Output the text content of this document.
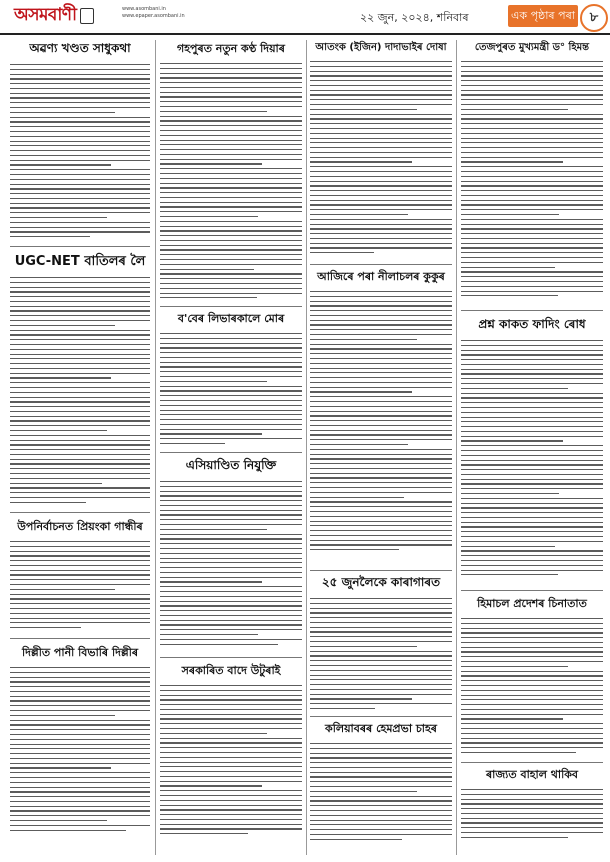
অসমবাণী	www.asombani.in
www.epaper.asombani.in	২২ জুন, ২০২৪, শনিবাৰ	এক পৃষ্ঠাৰ পৰা	৮
অৱণ্য খণ্ডত সাধুকথা
UGC-NET বাতিলৰ লৈ
উপনিৰ্বাচনত প্ৰিয়ংকা গান্ধীৰ
দিল্লীত পানী বিভাৰি দিল্লীৰ
গহপুৰত নতুন কণ্ঠ দিয়াৰ
ব'বেৰ লিভাৰকালে মোৰ
এসিয়াণ্ডিত নিযুক্তি
সৰকাৰিত বাদে উটুৰাই
আতংক (ইজিন) দাদাভাইৰ দোষা
আজিৰে পৰা নীলাচলৰ কুকুৰ
২৫ জুনলৈকে কাৰাগাৰত
কলিয়াবৰৰ হেমপ্ৰভা চাহৰ
তেজপুৰত মুখ্যমন্ত্ৰী ড° হিমন্ত
প্ৰশ্ন কাকত ফাদিং ৰোধ
হিমাচল প্ৰদেশৰ চিনাতাত
ৰাজ্যত বাহাল থাকিব
